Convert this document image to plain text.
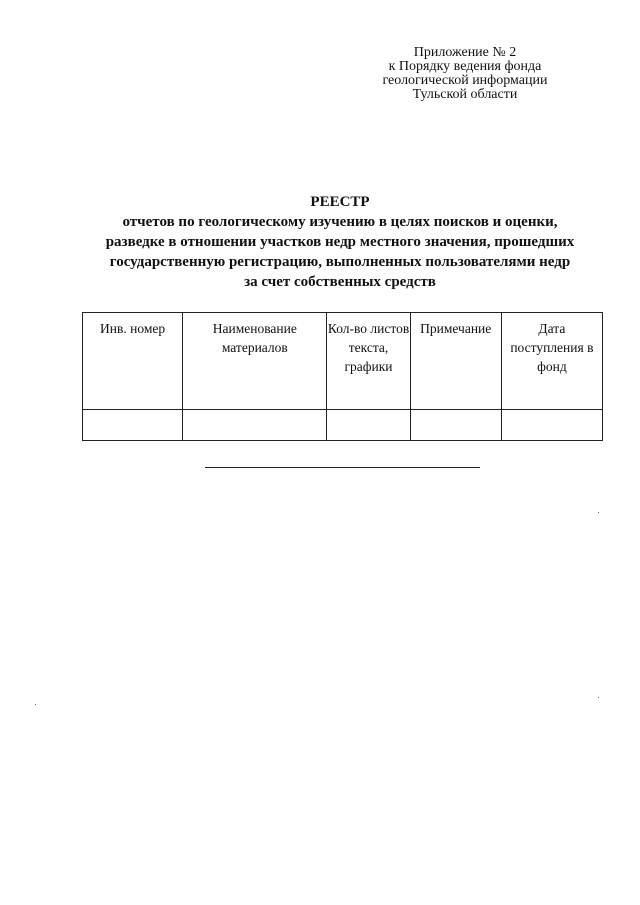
Приложение № 2
к Порядку ведения фонда
геологической информации
Тульской области
РЕЕСТР
отчетов по геологическому изучению в целях поисков и оценки,
разведке в отношении участков недр местного значения, прошедших
государственную регистрацию, выполненных пользователями недр
за счет собственных средств
Инв. номер	Наименование материалов	Кол-во листов текста, графики	Примечание	Дата поступления в фонд
